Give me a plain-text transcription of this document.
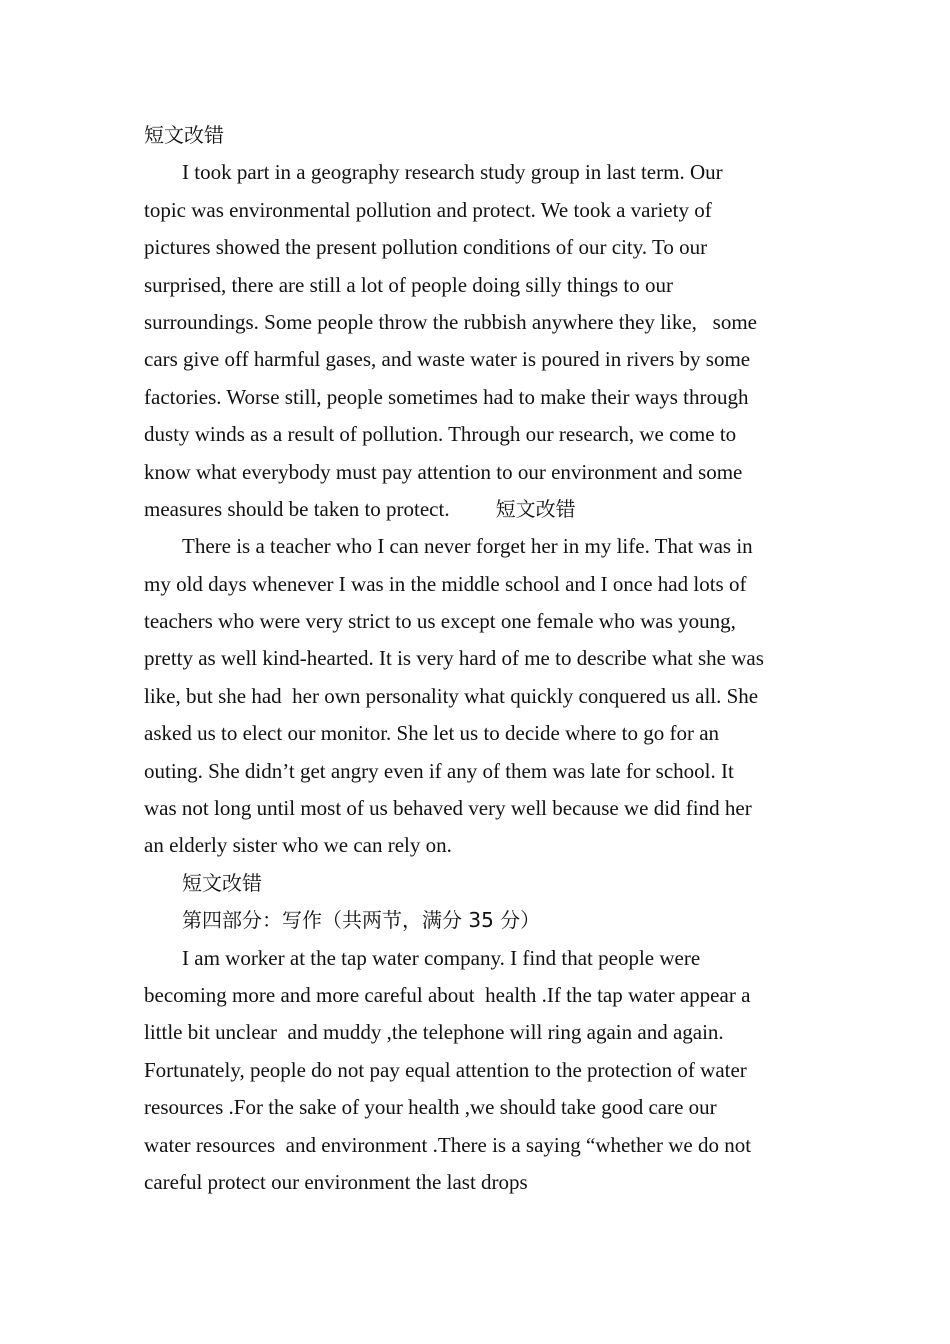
短文改错
I took part in a geography research study group in last term. Our
topic was environmental pollution and protect. We took a variety of
pictures showed the present pollution conditions of our city. To our
surprised, there are still a lot of people doing silly things to our
surroundings. Some people throw the rubbish anywhere they like,   some
cars give off harmful gases, and waste water is poured in rivers by some
factories. Worse still, people sometimes had to make their ways through
dusty winds as a result of pollution. Through our research, we come to
know what everybody must pay attention to our environment and some
measures should be taken to protect. 短文改错
There is a teacher who I can never forget her in my life. That was in
my old days whenever I was in the middle school and I once had lots of
teachers who were very strict to us except one female who was young,
pretty as well kind-hearted. It is very hard of me to describe what she was
like, but she had  her own personality what quickly conquered us all. She
asked us to elect our monitor. She let us to decide where to go for an
outing. She didn’t get angry even if any of them was late for school. It
was not long until most of us behaved very well because we did find her
an elderly sister who we can rely on.
短文改错
第四部分：写作（共两节，满分 35 分）
I am worker at the tap water company. I find that people were
becoming more and more careful about  health .If the tap water appear a
little bit unclear  and muddy ,the telephone will ring again and again.
Fortunately, people do not pay equal attention to the protection of water
resources .For the sake of your health ,we should take good care our
water resources  and environment .There is a saying “whether we do not
careful protect our environment the last drops
